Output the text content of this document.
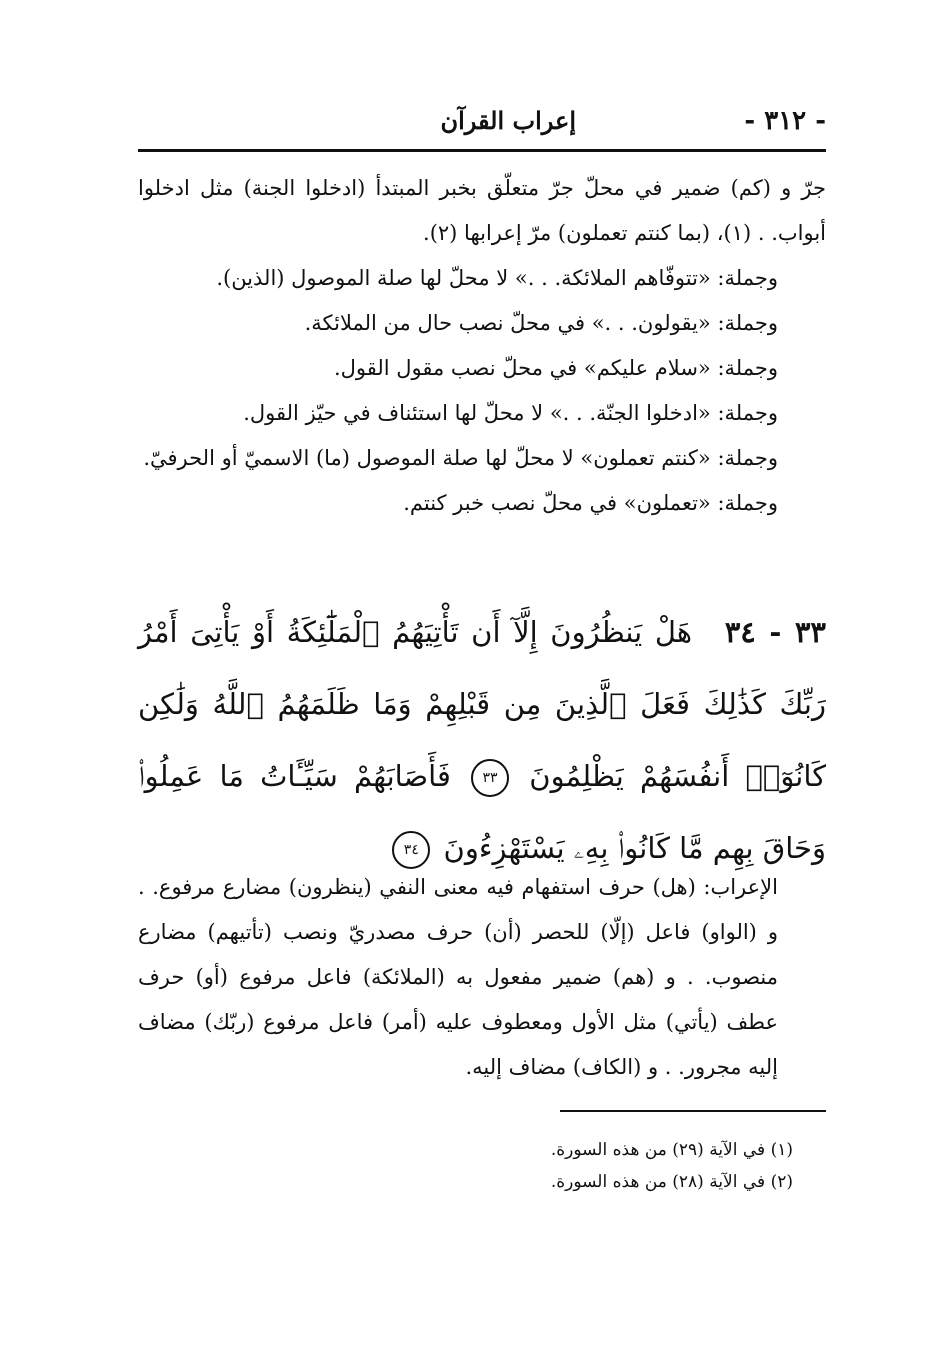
- ٣١٢ -
إعراب القرآن

جرّ و (كم) ضمير في محلّ جرّ متعلّق بخبر المبتدأ (ادخلوا الجنة) مثل ادخلوا أبواب. . (١)، (بما كنتم تعملون) مرّ إعرابها (٢).

وجملة: «تتوفّاهم الملائكة. . .» لا محلّ لها صلة الموصول (الذين).

وجملة: «يقولون. . .» في محلّ نصب حال من الملائكة.

وجملة: «سلام عليكم» في محلّ نصب مقول القول.

وجملة: «ادخلوا الجنّة. . .» لا محلّ لها استئناف في حيّز القول.

وجملة: «كنتم تعملون» لا محلّ لها صلة الموصول (ما) الاسميّ أو الحرفيّ.

وجملة: «تعملون» في محلّ نصب خبر كنتم.

٣٣ - ٣٤ هَلْ يَنظُرُونَ إِلَّآ أَن تَأْتِيَهُمُ ٱلْمَلَٰٓئِكَةُ أَوْ يَأْتِىَ أَمْرُ رَبِّكَ كَذَٰلِكَ فَعَلَ ٱلَّذِينَ مِن قَبْلِهِمْ وَمَا ظَلَمَهُمُ ٱللَّهُ وَلَٰكِن كَانُوٓا۟ أَنفُسَهُمْ يَظْلِمُونَ ٣٣ فَأَصَابَهُمْ سَيِّـَٔاتُ مَا عَمِلُوا۟ وَحَاقَ بِهِم مَّا كَانُوا۟ بِهِۦ يَسْتَهْزِءُونَ ٣٤

الإعراب: (هل) حرف استفهام فيه معنى النفي (ينظرون) مضارع مرفوع. . و (الواو) فاعل (إلّا) للحصر (أن) حرف مصدريّ ونصب (تأتيهم) مضارع منصوب. . و (هم) ضمير مفعول به (الملائكة) فاعل مرفوع (أو) حرف عطف (يأتي) مثل الأول ومعطوف عليه (أمر) فاعل مرفوع (ربّك) مضاف إليه مجرور. . و (الكاف) مضاف إليه.

(١) في الآية (٢٩) من هذه السورة.

(٢) في الآية (٢٨) من هذه السورة.
